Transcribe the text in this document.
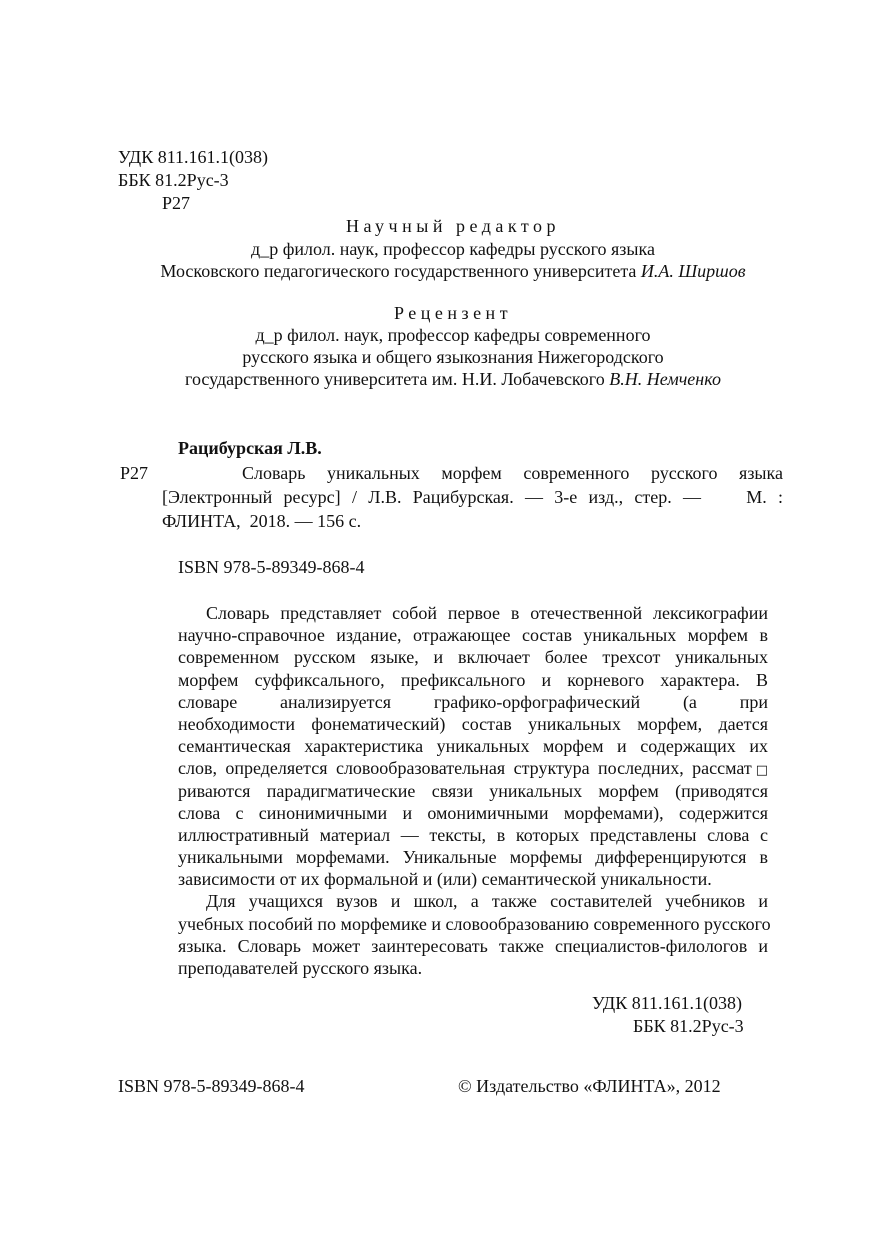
УДК 811.161.1(038)
ББК 81.2Рус-3
Р27
Научный редактор
д_р филол. наук, профессор кафедры русского языка
Московского педагогического государственного университета И.А. Ширшов
Рецензент
д_р филол. наук, профессор кафедры современного
русского языка и общего языкознания Нижегородского
государственного университета им. Н.И. Лобачевского В.Н. Немченко
Рацибурская Л.В.
Р27	Словарь уникальных морфем современного русского языка
[Электронный ресурс] / Л.В. Рацибурская. — 3-е изд., стер. —    М. :
ФЛИНТА,  2018. — 156 с.
ISBN 978-5-89349-868-4
Словарь представляет собой первое в отечественной лексикографии
научно-справочное издание, отражающее состав уникальных морфем в
современном русском языке, и включает более трехсот уникальных
морфем суффиксального, префиксального и корневого характера. В
словаре анализируется графико-орфографический (а при
необходимости фонематический) состав уникальных морфем, дается
семантическая характеристика уникальных морфем и содержащих их
слов, определяется словообразовательная структура последних, рассмат□
риваются парадигматические связи уникальных морфем (приводятся
слова с синонимичными и омонимичными морфемами), содержится
иллюстративный материал — тексты, в которых представлены слова с
уникальными морфемами. Уникальные морфемы дифференцируются в
зависимости от их формальной и (или) семантической уникальности.
Для учащихся вузов и школ, а также составителей учебников и
учебных пособий по морфемике и словообразованию современного русского
языка. Словарь может заинтересовать также специалистов-филологов и
преподавателей русского языка.
УДК 811.161.1(038)
ББК 81.2Рус-3
ISBN 978-5-89349-868-4	© Издательство «ФЛИНТА», 2012
